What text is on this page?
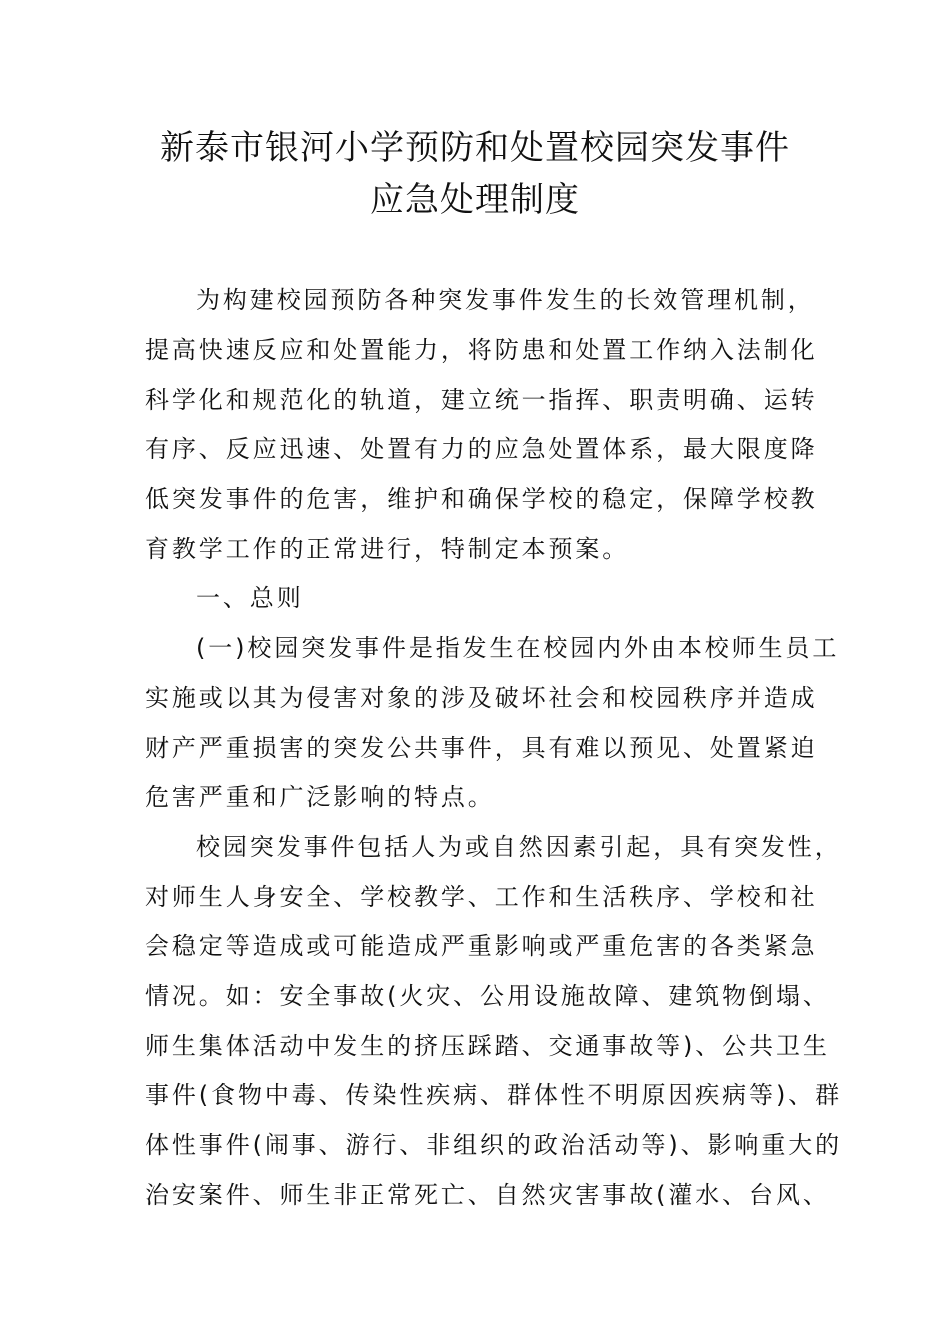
新泰市银河小学预防和处置校园突发事件
应急处理制度
为构建校园预防各种突发事件发生的长效管理机制，
提高快速反应和处置能力，将防患和处置工作纳入法制化
科学化和规范化的轨道，建立统一指挥、职责明确、运转
有序、反应迅速、处置有力的应急处置体系，最大限度降
低突发事件的危害，维护和确保学校的稳定，保障学校教
育教学工作的正常进行，特制定本预案。
一、总则
(一)校园突发事件是指发生在校园内外由本校师生员工
实施或以其为侵害对象的涉及破坏社会和校园秩序并造成
财产严重损害的突发公共事件，具有难以预见、处置紧迫
危害严重和广泛影响的特点。
校园突发事件包括人为或自然因素引起，具有突发性，
对师生人身安全、学校教学、工作和生活秩序、学校和社
会稳定等造成或可能造成严重影响或严重危害的各类紧急
情况。如：安全事故(火灾、公用设施故障、建筑物倒塌、
师生集体活动中发生的挤压踩踏、交通事故等)、公共卫生
事件(食物中毒、传染性疾病、群体性不明原因疾病等)、群
体性事件(闹事、游行、非组织的政治活动等)、影响重大的
治安案件、师生非正常死亡、自然灾害事故(灌水、台风、
